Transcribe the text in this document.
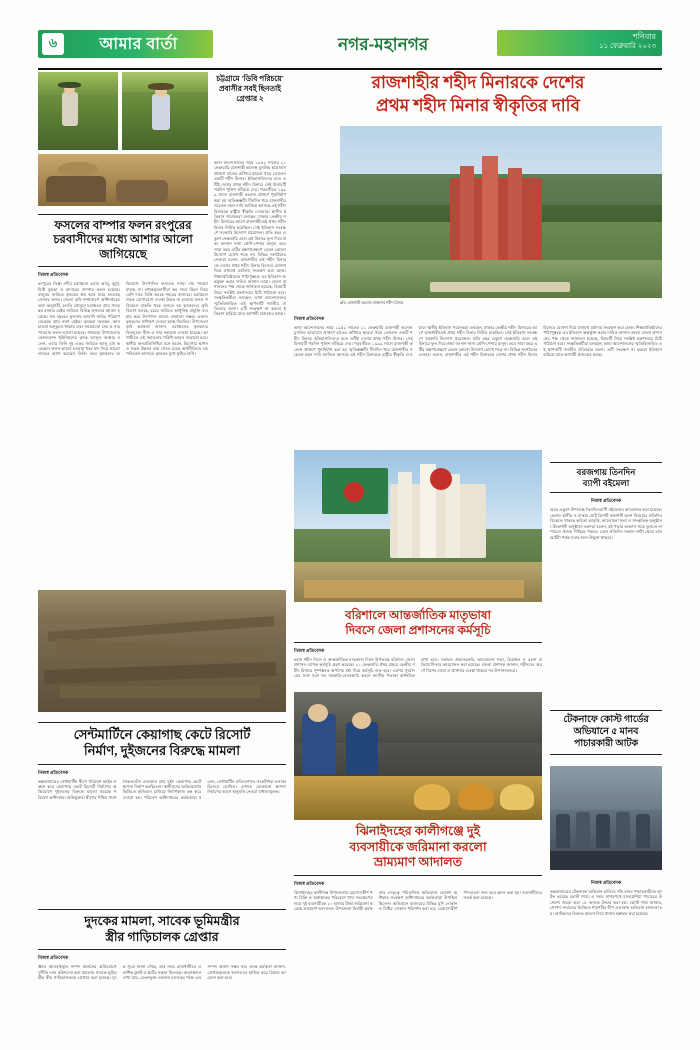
৬	আমার বার্তা	নগর-মহানগর	শনিবার
১১ ফেব্রুয়ারি ২০২৩
ফসলের বাম্পার ফলন রংপুরের
চরবাসীদের মধ্যে আশার আলো জাগিয়েছে
নিজস্ব প্রতিবেদক
রংপুরের তিস্তা নদীর চরাঞ্চলে এবার আলু, ভুট্টা, মিষ্টি কুমড়া ও বাদামের বাম্পার ফলন হয়েছে। বালুময় জমিতে কৃষকের শ্রম আর ঘামে ফলেছে সোনার ফসল। জেলা কৃষি সম্প্রসারণ অধিদপ্তরের তথ্য অনুযায়ী, চলতি মৌসুমে চরাঞ্চলে প্রায় সাড়ে ছয় হাজার হেক্টর জমিতে বিভিন্ন ফসলের আবাদ হয়েছে। গত বছরের তুলনায় আবাদি জমির পরিমাণ বেড়েছে প্রায় নয়শ হেক্টর। কৃষকরা বলছেন, আবহাওয়া অনুকূলে থাকায় এবং সময়মতো সেচ ও সার পাওয়ায় ফলন ভালো হয়েছে। গঙ্গাচড়া উপজেলার কোলকোন্দ ইউনিয়নের কৃষক আব্দুল জব্বার বলেন, এবার তিনি দুই একর জমিতে আলু চাষ করেছেন। ফলন ভালো হওয়ায় খরচ বাদ দিয়ে ভালো লাভের আশা করছেন তিনি। তবে কৃষকদের অভিযোগ, উৎপাদিত ফসলের ন্যায্য দাম পাওয়া যাচ্ছে না। মধ্যস্বত্বভোগীরা কম দামে কিনে নিয়ে বেশি দামে বিক্রি করছে শহরের বাজারে। চরাঞ্চলে সড়ক যোগাযোগ ব্যবস্থা উন্নত না হওয়ায় ফসল পরিবহনে বাড়তি খরচ গুনতে হয় কৃষকদের। কৃষি বিভাগ বলছে, চরের জমিতে আধুনিক প্রযুক্তি ব্যবহার করে উৎপাদন আরও বাড়ানো সম্ভব। এজন্য কৃষকদের প্রশিক্ষণ দেওয়া হচ্ছে নিয়মিত। উপজেলা কৃষি কর্মকর্তা জানান, চরাঞ্চলের কৃষকদের বিনামূল্যে বীজ ও সার সহায়তা দেওয়া হয়েছে। আগামীতে এই সহায়তার পরিধি আরও বাড়ানো হবে। স্থানীয় জনপ্রতিনিধিরা মনে করেন, হিমাগার স্থাপন ও সড়ক উন্নয়ন করা গেলে চরের অর্থনীতিতে বড় পরিবর্তন আসবে। কৃষকের মুখে ফুটবে হাসি।
চট্টগ্রামে 'ডিবি পরিচয়ে' প্রবাসীর সবই ছিনতাই গ্রেপ্তার ২
ভাষা আন্দোলনের সময় ১৯৫২ সালের ২১ ফেব্রুয়ারি রাজশাহী কলেজ মুসলিম ছাত্রাবাস প্রাঙ্গণে রাতের আঁধারে ছাত্ররা গড়ে তোলেন একটি শহীদ মিনার। ইতিহাসবিদদের মতে এটিই দেশের প্রথম শহীদ মিনার। সেই মিনারটি পরদিন পুলিশ গুঁড়িয়ে দেয়। পরবর্তীতে ১৯৯৯ সালে রাজশাহী কলেজ প্রাঙ্গণে পুনর্নির্মাণ করা হয় স্মৃতিস্তম্ভটি। দীর্ঘদিন ধরে রাজশাহীর সচেতন মহল দাবি জানিয়ে আসছে এই শহীদ মিনারকে রাষ্ট্রীয় স্বীকৃতি দেওয়ার। স্থানীয় ইতিহাস গবেষকরা বলছেন, ঢাকার কেন্দ্রীয় শহীদ মিনারের আগে রাজশাহীতেই প্রথম শহীদ মিনার নির্মিত হয়েছিল। সেই ইতিহাস সংরক্ষণে সরকারি উদ্যোগ প্রয়োজন। প্রতি বছর একুশে ফেব্রুয়ারি এলে এই মিনারে ফুল দিয়ে শ্রদ্ধা জানান নানা শ্রেণি-পেশার মানুষ। তবে সারা বছর এটির রক্ষণাবেক্ষণে তেমন কোনো উদ্যোগ চোখে পড়ে না। বিভিন্ন সংগঠনের নেতারা বলেন, রাজশাহীর এই শহীদ মিনারকে দেশের প্রথম শহীদ মিনার হিসেবে ঘোষণা দিয়ে যথাযথ মর্যাদায় সংরক্ষণ করা হোক। শিক্ষাপ্রতিষ্ঠানের পাঠ্যপুস্তকে এর ইতিহাস অন্তর্ভুক্ত করার দাবিও জানান তারা। জেলা প্রশাসনের পক্ষ থেকে জানানো হয়েছে, বিষয়টি নিয়ে সংশ্লিষ্ট মন্ত্রণালয়ে চিঠি পাঠানো হবে। সংস্কৃতিকর্মীরা বলছেন, ভাষা আন্দোলনের স্মৃতিবিজড়িত এই স্থাপনাটি জাতীয় ঐতিহ্যের অংশ। এটি সংরক্ষণ না করলে ইতিহাস হারিয়ে যাবে আগামী প্রজন্মের কাছে।
রাজশাহীর শহীদ মিনারকে দেশের
প্রথম শহীদ মিনার স্বীকৃতির দাবি
ছবি: রাজশাহী কলেজ প্রাঙ্গণের শহীদ মিনার
নিজস্ব প্রতিবেদক
ভাষা আন্দোলনের সময় ১৯৫২ সালের ২১ ফেব্রুয়ারি রাজশাহী কলেজ মুসলিম ছাত্রাবাস প্রাঙ্গণে রাতের আঁধারে ছাত্ররা গড়ে তোলেন একটি শহীদ মিনার। ইতিহাসবিদদের মতে এটিই দেশের প্রথম শহীদ মিনার। সেই মিনারটি পরদিন পুলিশ গুঁড়িয়ে দেয়। পরবর্তীতে ১৯৯৯ সালে রাজশাহী কলেজ প্রাঙ্গণে পুনর্নির্মাণ করা হয় স্মৃতিস্তম্ভটি। দীর্ঘদিন ধরে রাজশাহীর সচেতন মহল দাবি জানিয়ে আসছে এই শহীদ মিনারকে রাষ্ট্রীয় স্বীকৃতি দেওয়ার। স্থানীয় ইতিহাস গবেষকরা বলছেন, ঢাকার কেন্দ্রীয় শহীদ মিনারের আগে রাজশাহীতেই প্রথম শহীদ মিনার নির্মিত হয়েছিল। সেই ইতিহাস সংরক্ষণে সরকারি উদ্যোগ প্রয়োজন। প্রতি বছর একুশে ফেব্রুয়ারি এলে এই মিনারে ফুল দিয়ে শ্রদ্ধা জানান নানা শ্রেণি-পেশার মানুষ। তবে সারা বছর এটির রক্ষণাবেক্ষণে তেমন কোনো উদ্যোগ চোখে পড়ে না। বিভিন্ন সংগঠনের নেতারা বলেন, রাজশাহীর এই শহীদ মিনারকে দেশের প্রথম শহীদ মিনার হিসেবে ঘোষণা দিয়ে যথাযথ মর্যাদায় সংরক্ষণ করা হোক। শিক্ষাপ্রতিষ্ঠানের পাঠ্যপুস্তকে এর ইতিহাস অন্তর্ভুক্ত করার দাবিও জানান তারা। জেলা প্রশাসনের পক্ষ থেকে জানানো হয়েছে, বিষয়টি নিয়ে সংশ্লিষ্ট মন্ত্রণালয়ে চিঠি পাঠানো হবে। সংস্কৃতিকর্মীরা বলছেন, ভাষা আন্দোলনের স্মৃতিবিজড়িত এই স্থাপনাটি জাতীয় ঐতিহ্যের অংশ। এটি সংরক্ষণ না করলে ইতিহাস হারিয়ে যাবে আগামী প্রজন্মের কাছে।
বরজগায় তিনদিন
ব্যাপী বইমেলা
নিজস্ব প্রতিবেদক
অমর একুশে উপলক্ষে তিনদিনব্যাপী বইমেলার আয়োজন করা হয়েছে। মেলায় স্থানীয় ও ঢাকার মোট ত্রিশটি প্রকাশনী অংশ নিয়েছে। প্রতিদিন বিকেলে থাকছে কবিতা আবৃত্তি, আলোচনা সভা ও সাংস্কৃতিক অনুষ্ঠান। উদ্বোধনী অনুষ্ঠানে বক্তারা বলেন, বই পড়ার অভ্যাস গড়ে তুলতে না পারলে প্রজন্ম পিছিয়ে পড়বে। মেলা প্রতিদিন সকাল দশটা থেকে রাত আটটা পর্যন্ত সবার জন্য উন্মুক্ত থাকবে।
বরিশালে আন্তর্জাতিক মাতৃভাষা
দিবসে জেলা প্রশাসনের কর্মসূচি
নিজস্ব প্রতিবেদক
মহান শহীদ দিবস ও আন্তর্জাতিক মাতৃভাষা দিবস উপলক্ষে বরিশাল জেলা প্রশাসন ব্যাপক কর্মসূচি গ্রহণ করেছে। ২১ ফেব্রুয়ারি প্রথম প্রহরে কেন্দ্রীয় শহীদ মিনারে পুষ্পস্তবক অর্পণের মধ্য দিয়ে কর্মসূচি শুরু হবে। এরপর সূর্যোদয়ের সঙ্গে সঙ্গে সব সরকারি-বেসরকারি ভবনে জাতীয় পতাকা অর্ধনমিত রাখা হবে। সকালে প্রভাতফেরি, আলোচনা সভা, চিত্রাঙ্কন ও রচনা প্রতিযোগিতার আয়োজন করা হয়েছে। জেলা প্রশাসক জানান, শহীদদের স্মরণে বিশেষ দোয়া ও প্রার্থনার ব্যবস্থা থাকবে সব উপাসনালয়ে।
সেন্টমার্টিনে কেয়াগাছ কেটে রিসোর্ট
নির্মাণ, দুইজনের বিরুদ্ধে মামলা
নিজস্ব প্রতিবেদক
কক্সবাজারের সেন্টমার্টিন দ্বীপে পরিবেশ আইন লঙ্ঘন করে কেয়াগাছ কেটে রিসোর্ট নির্মাণের অভিযোগে দুইজনের বিরুদ্ধে মামলা করেছে পরিবেশ অধিদপ্তর। অভিযুক্তরা দ্বীপের পশ্চিম পাশে সৈকতঘেঁষা এলাকায় প্রায় দুইশ কেয়াগাছ কেটে স্থাপনা নির্মাণ করছিলেন। স্থানীয়দের অভিযোগের ভিত্তিতে অভিযান চালিয়ে নির্মাণকাজ বন্ধ করে দেওয়া হয়। পরিবেশ অধিদপ্তরের কর্মকর্তারা বলেন, সেন্টমার্টিন প্রতিবেশগত সংকটাপন্ন এলাকা হিসেবে ঘোষিত। এখানে যেকোনো স্থাপনা নির্মাণের আগে অনুমতি নেওয়া বাধ্যতামূলক।
দুদকের মামলা, সাবেক ভূমিমন্ত্রীর
স্ত্রীর গাড়িচালক গ্রেপ্তার
নিজস্ব প্রতিবেদক
জ্ঞাত আয়বহির্ভূত সম্পদ অর্জনের অভিযোগে দুর্নীতি দমন কমিশনের করা মামলায় সাবেক ভূমিমন্ত্রীর স্ত্রীর গাড়িচালককে গ্রেপ্তার করা হয়েছে। দুদক সূত্রে জানা গেছে, তার নামে রাজধানীতে একাধিক ফ্ল্যাট ও প্লটের সন্ধান মিলেছে। অনুসন্ধানে দেখা যায়, বেতনভুক্ত একজন চালকের পক্ষে এত সম্পদ অর্জন সম্ভব নয়। তদন্ত কর্মকর্তা জানান, গ্রেপ্তারকৃতকে আদালতে হাজির করে রিমান্ড আবেদন করা হবে।
ঝিনাইদহের কালীগঞ্জে দুই
ব্যবসায়ীকে জরিমানা করলো
ভ্রাম্যমাণ আদালত
নিজস্ব প্রতিবেদক
ঝিনাইদহের কালীগঞ্জ উপজেলায় মেয়াদোত্তীর্ণ পণ্য বিক্রি ও অস্বাস্থ্যকর পরিবেশে খাদ্য সংরক্ষণের দায়ে দুই ব্যবসায়ীকে ২০ হাজার টাকা জরিমানা করেছে ভ্রাম্যমাণ আদালত। উপজেলা নির্বাহী কর্মকর্তার নেতৃত্বে পরিচালিত অভিযানে ভোক্তা অধিকার সংরক্ষণ অধিদপ্তরের কর্মকর্তারা উপস্থিত ছিলেন। অভিযানে বাজারের বিভিন্ন মুদি দোকান ও মিষ্টির দোকান পরিদর্শন করা হয়। মেয়াদোত্তীর্ণ পণ্যগুলো জব্দ করে ধ্বংস করা হয়। ব্যবসায়ীদের সতর্ক করা হয়েছে।
টেকনাফে কোস্ট গার্ডের
অভিযানে ৫ মানব
পাচারকারী আটক
নিজস্ব প্রতিবেদক
কক্সবাজারের টেকনাফে অভিযান চালিয়ে পাঁচ মানব পাচারকারীকে আটক করেছে কোস্ট গার্ড। এ সময় সাগরপথে মালয়েশিয়া পাচারের উদ্দেশ্যে জড়ো করা ১৮ জনকে উদ্ধার করা হয়। কোস্ট গার্ড জানায়, গোপন সংবাদের ভিত্তিতে শাহপরীর দ্বীপ এলাকায় অভিযান চালানো হয়। আটকদের বিরুদ্ধে মামলা দিয়ে থানায় হস্তান্তর করা হয়েছে।
